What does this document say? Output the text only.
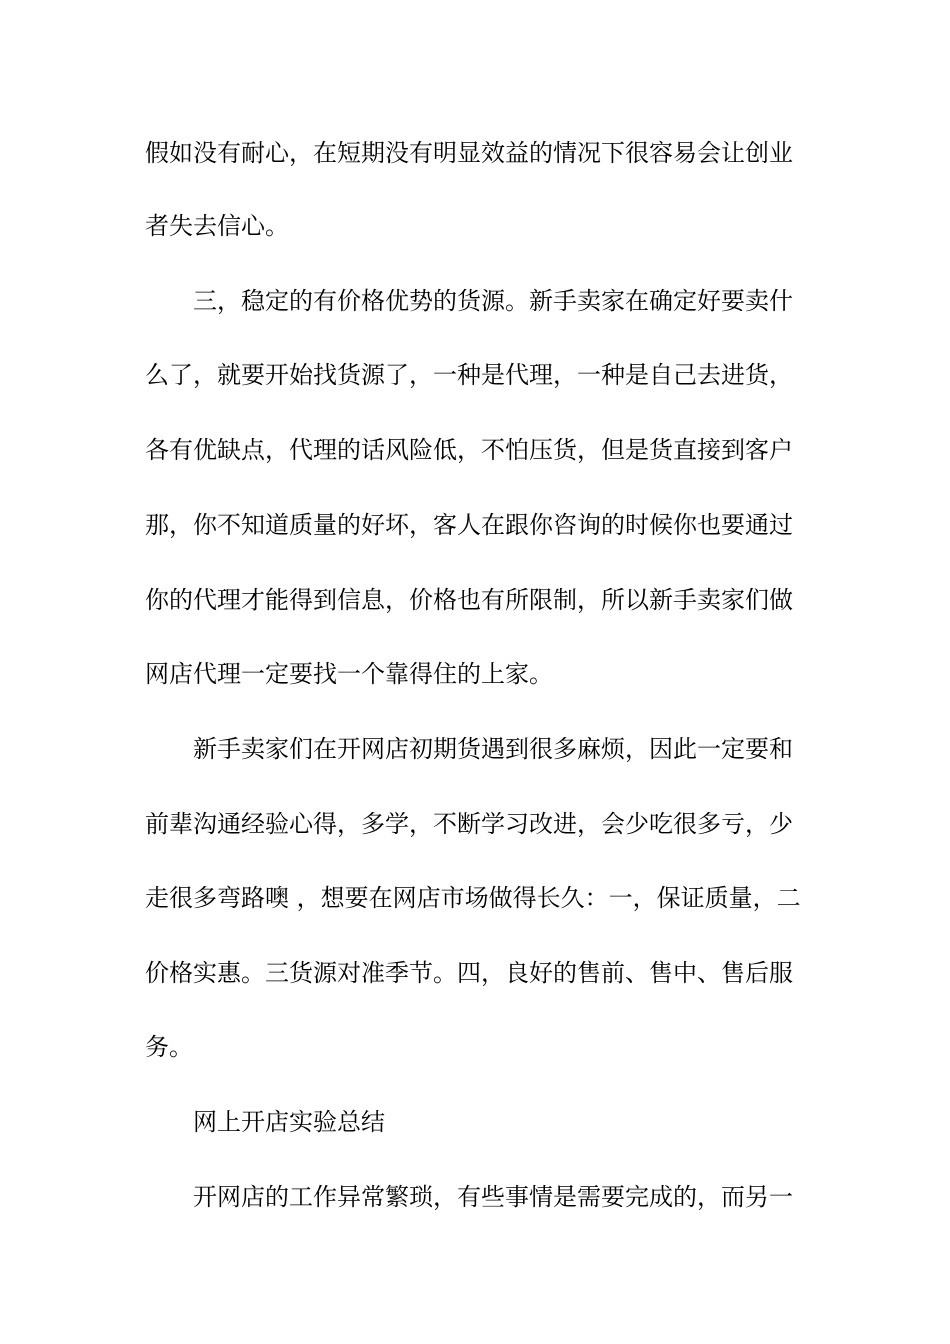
假如没有耐心，在短期没有明显效益的情况下很容易会让创业
者失去信心。
三，稳定的有价格优势的货源。新手卖家在确定好要卖什
么了，就要开始找货源了，一种是代理，一种是自己去进货，
各有优缺点，代理的话风险低，不怕压货，但是货直接到客户
那，你不知道质量的好坏，客人在跟你咨询的时候你也要通过
你的代理才能得到信息，价格也有所限制，所以新手卖家们做
网店代理一定要找一个靠得住的上家。
新手卖家们在开网店初期货遇到很多麻烦，因此一定要和
前辈沟通经验心得，多学，不断学习改进，会少吃很多亏，少
走很多弯路噢 ，想要在网店市场做得长久：一，保证质量，二
价格实惠。三货源对准季节。四，良好的售前、售中、售后服
务。
网上开店实验总结
开网店的工作异常繁琐，有些事情是需要完成的，而另一
